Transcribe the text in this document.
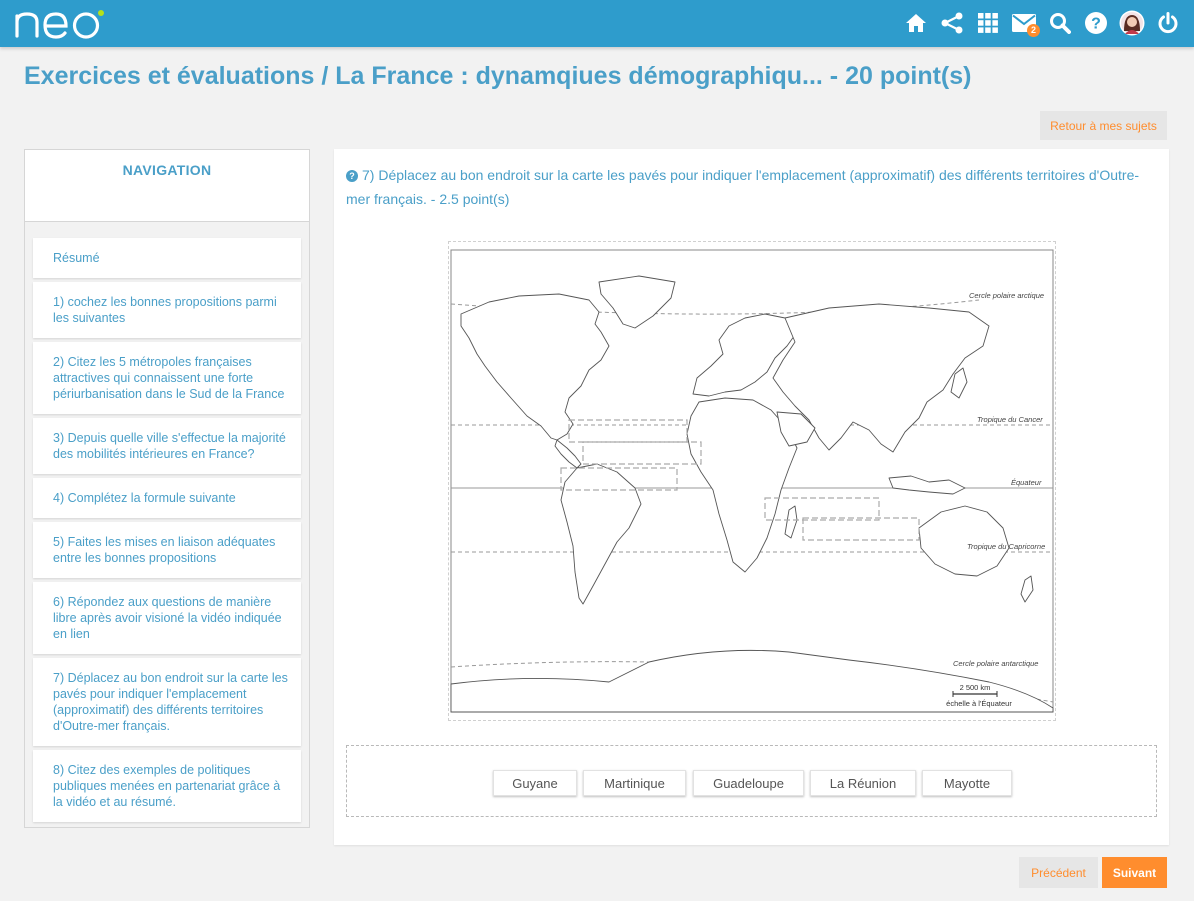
2	?
Exercices et évaluations / La France : dynamqiues démographiqu... - 20 point(s)
Retour à mes sujets
NAVIGATION
Résumé
1) cochez les bonnes propositions parmi les suivantes
2) Citez les 5 métropoles françaises attractives qui connaissent une forte périurbanisation dans le Sud de la France
3) Depuis quelle ville s'effectue la majorité des mobilités intérieures en France?
4) Complétez la formule suivante
5) Faites les mises en liaison adéquates entre les bonnes propositions
6) Répondez aux questions de manière libre après avoir visioné la vidéo indiquée en lien
7) Déplacez au bon endroit sur la carte les pavés pour indiquer l'emplacement (approximatif) des différents territoires d'Outre-mer français.
8) Citez des exemples de politiques publiques menées en partenariat grâce à la vidéo et au résumé.
? 7) Déplacez au bon endroit sur la carte les pavés pour indiquer l'emplacement (approximatif) des différents territoires d'Outre-mer français. - 2.5 point(s)
Cercle polaire arctique
Tropique du Cancer
Équateur
Tropique du Capricorne
Cercle polaire antarctique
2 500 km
échelle à l'Équateur
Guyane	Martinique	Guadeloupe	La Réunion	Mayotte
Précédent	Suivant
